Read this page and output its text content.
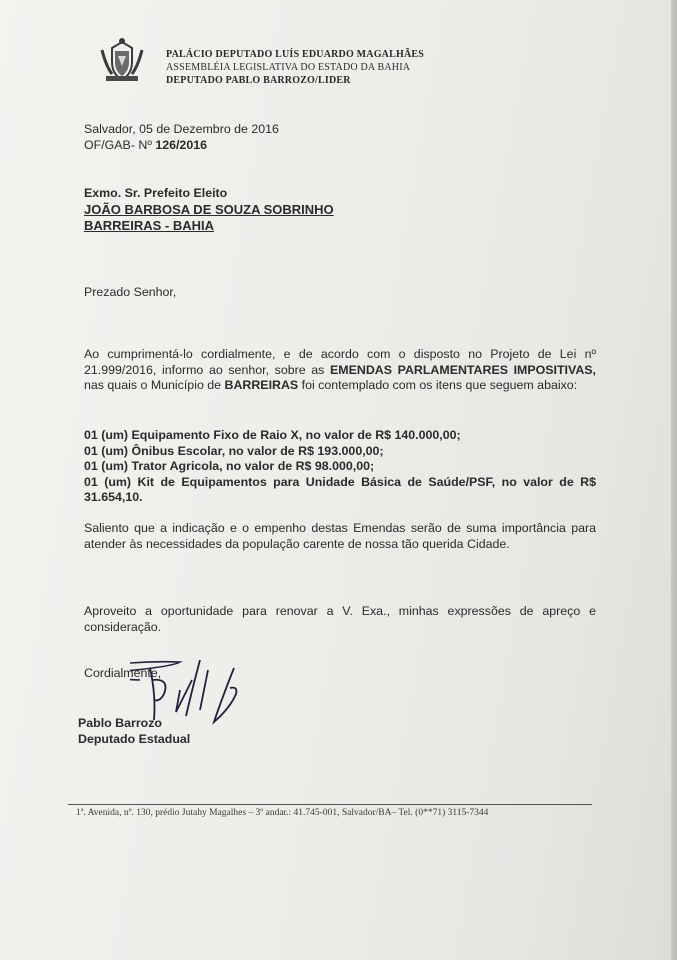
PALÁCIO DEPUTADO LUÍS EDUARDO MAGALHÃES
ASSEMBLÉIA LEGISLATIVA DO ESTADO DA BAHIA
DEPUTADO PABLO BARROZO/LIDER
Salvador, 05 de Dezembro de 2016
OF/GAB- Nº 126/2016
Exmo. Sr. Prefeito Eleito
JOÃO BARBOSA DE SOUZA SOBRINHO
BARREIRAS - BAHIA
Prezado Senhor,
Ao cumprimentá-lo cordialmente, e de acordo com o disposto no Projeto de Lei nº 21.999/2016, informo ao senhor, sobre as EMENDAS PARLAMENTARES IMPOSITIVAS, nas quais o Município de BARREIRAS foi contemplado com os itens que seguem abaixo:
01 (um) Equipamento Fixo de Raio X, no valor de R$ 140.000,00;
01 (um) Ônibus Escolar, no valor de R$ 193.000,00;
01 (um) Trator Agricola, no valor de R$ 98.000,00;
01 (um) Kit de Equipamentos para Unidade Básica de Saúde/PSF, no valor de R$ 31.654,10.
Saliento que a indicação e o empenho destas Emendas serão de suma importância para atender às necessidades da população carente de nossa tão querida Cidade.
Aproveito a oportunidade para renovar a V. Exa., minhas expressões de apreço e consideração.
Cordialmente,
Pablo Barrozo
Deputado Estadual
1ª. Avenida, nº. 130, prédio Jutahy Magalhes – 3º andar.: 41.745-001, Salvador/BA– Tel. (0**71) 3115-7344
